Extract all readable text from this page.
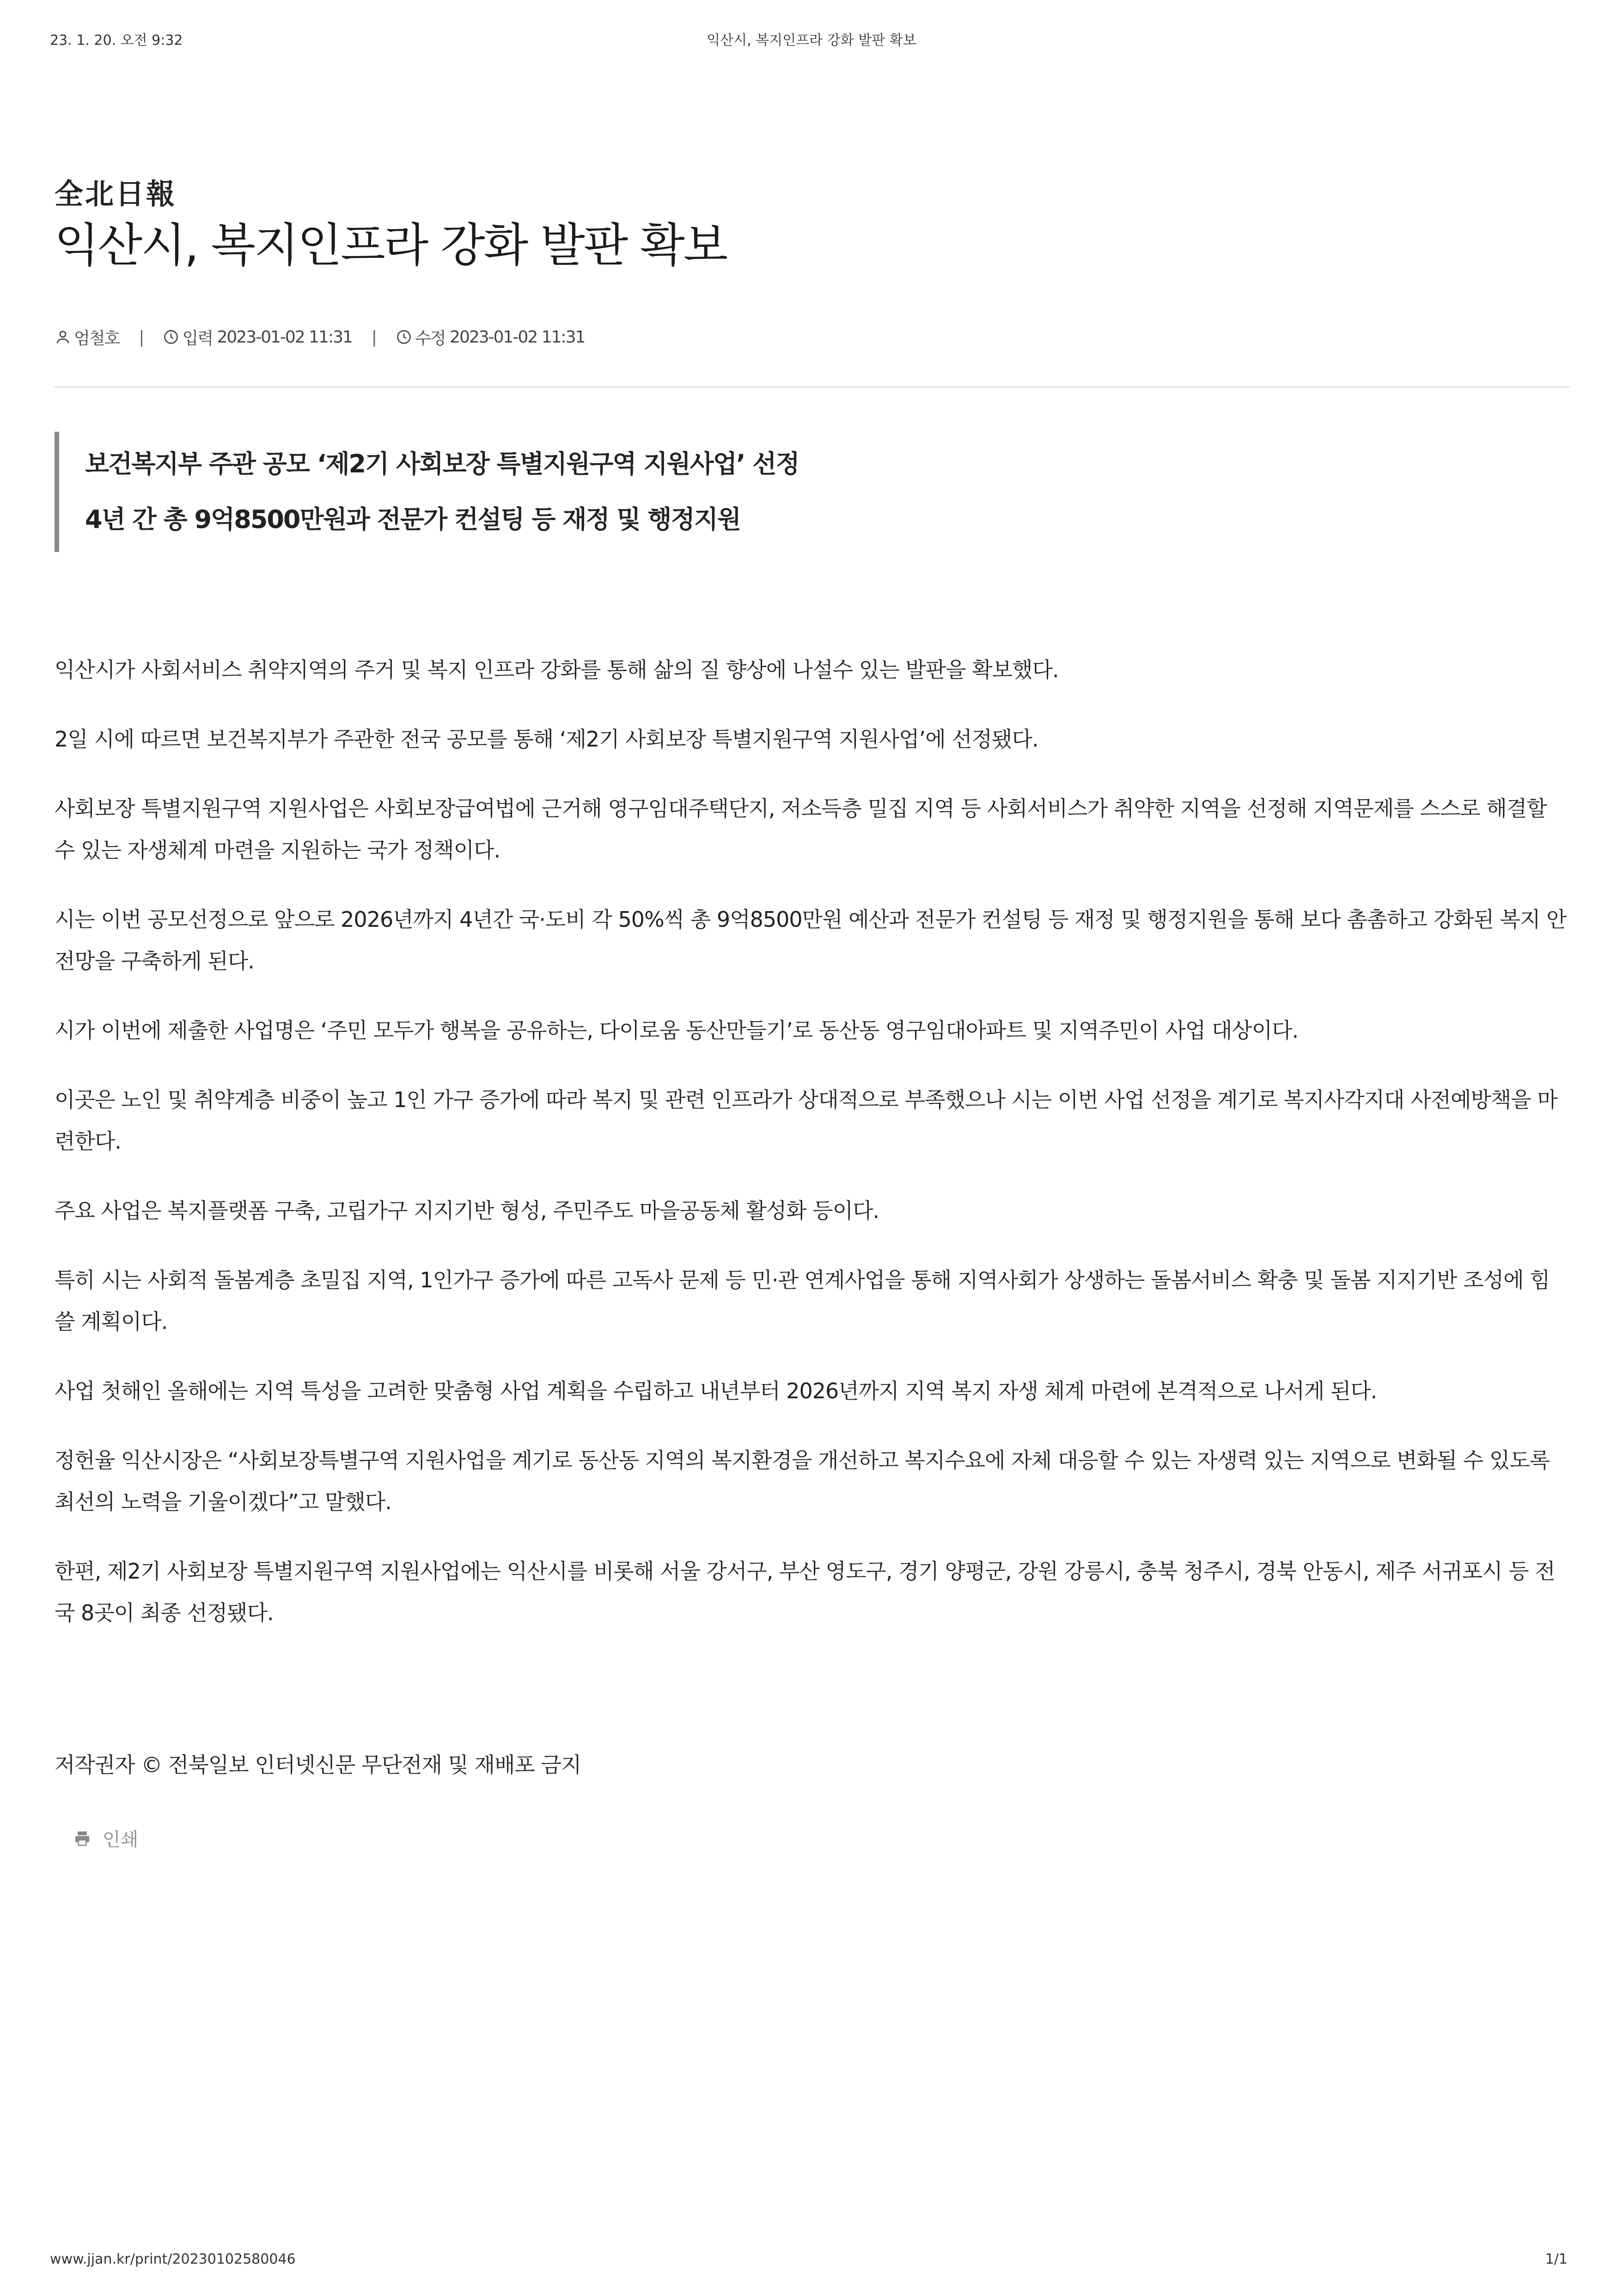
23. 1. 20. 오전 9:32	익산시, 복지인프라 강화 발판 확보
全北日報
익산시, 복지인프라 강화 발판 확보
엄철호 | 입력
2023-01-02 11:31 | 수정
2023-01-02 11:31
보건복지부 주관 공모 ‘제2기 사회보장 특별지원구역 지원사업’ 선정
4년 간 총 9억8500만원과 전문가 컨설팅 등 재정 및 행정지원

익산시가 사회서비스 취약지역의 주거 및 복지 인프라 강화를 통해 삶의 질 향상에 나설수 있는 발판을 확보했다.

2일 시에 따르면 보건복지부가 주관한 전국 공모를 통해 ‘제2기 사회보장 특별지원구역 지원사업’에 선정됐다.

사회보장 특별지원구역 지원사업은 사회보장급여법에 근거해 영구임대주택단지, 저소득층 밀집 지역 등 사회서비스가 취약한 지역을 선정해 지역문제를 스스로 해결할 수 있는 자생체계 마련을 지원하는 국가 정책이다.

시는 이번 공모선정으로 앞으로 2026년까지 4년간 국·도비 각 50%씩 총 9억8500만원 예산과 전문가 컨설팅 등 재정 및 행정지원을 통해 보다 촘촘하고 강화된 복지 안전망을 구축하게 된다.

시가 이번에 제출한 사업명은 ‘주민 모두가 행복을 공유하는, 다이로움 동산만들기’로 동산동 영구임대아파트 및 지역주민이 사업 대상이다.

이곳은 노인 및 취약계층 비중이 높고 1인 가구 증가에 따라 복지 및 관련 인프라가 상대적으로 부족했으나 시는 이번 사업 선정을 계기로 복지사각지대 사전예방책을 마련한다.

주요 사업은 복지플랫폼 구축, 고립가구 지지기반 형성, 주민주도 마을공동체 활성화 등이다.

특히 시는 사회적 돌봄계층 초밀집 지역, 1인가구 증가에 따른 고독사 문제 등 민·관 연계사업을 통해 지역사회가 상생하는 돌봄서비스 확충 및 돌봄 지지기반 조성에 힘쓸 계획이다.

사업 첫해인 올해에는 지역 특성을 고려한 맞춤형 사업 계획을 수립하고 내년부터 2026년까지 지역 복지 자생 체계 마련에 본격적으로 나서게 된다.

정헌율 익산시장은 “사회보장특별구역 지원사업을 계기로 동산동 지역의 복지환경을 개선하고 복지수요에 자체 대응할 수 있는 자생력 있는 지역으로 변화될 수 있도록 최선의 노력을 기울이겠다”고 말했다.

한편, 제2기 사회보장 특별지원구역 지원사업에는 익산시를 비롯해 서울 강서구, 부산 영도구, 경기 양평군, 강원 강릉시, 충북 청주시, 경북 안동시, 제주 서귀포시 등 전국 8곳이 최종 선정됐다.

저작권자 © 전북일보 인터넷신문 무단전재 및 재배포 금지
인쇄
www.jjan.kr/print/20230102580046	1/1
